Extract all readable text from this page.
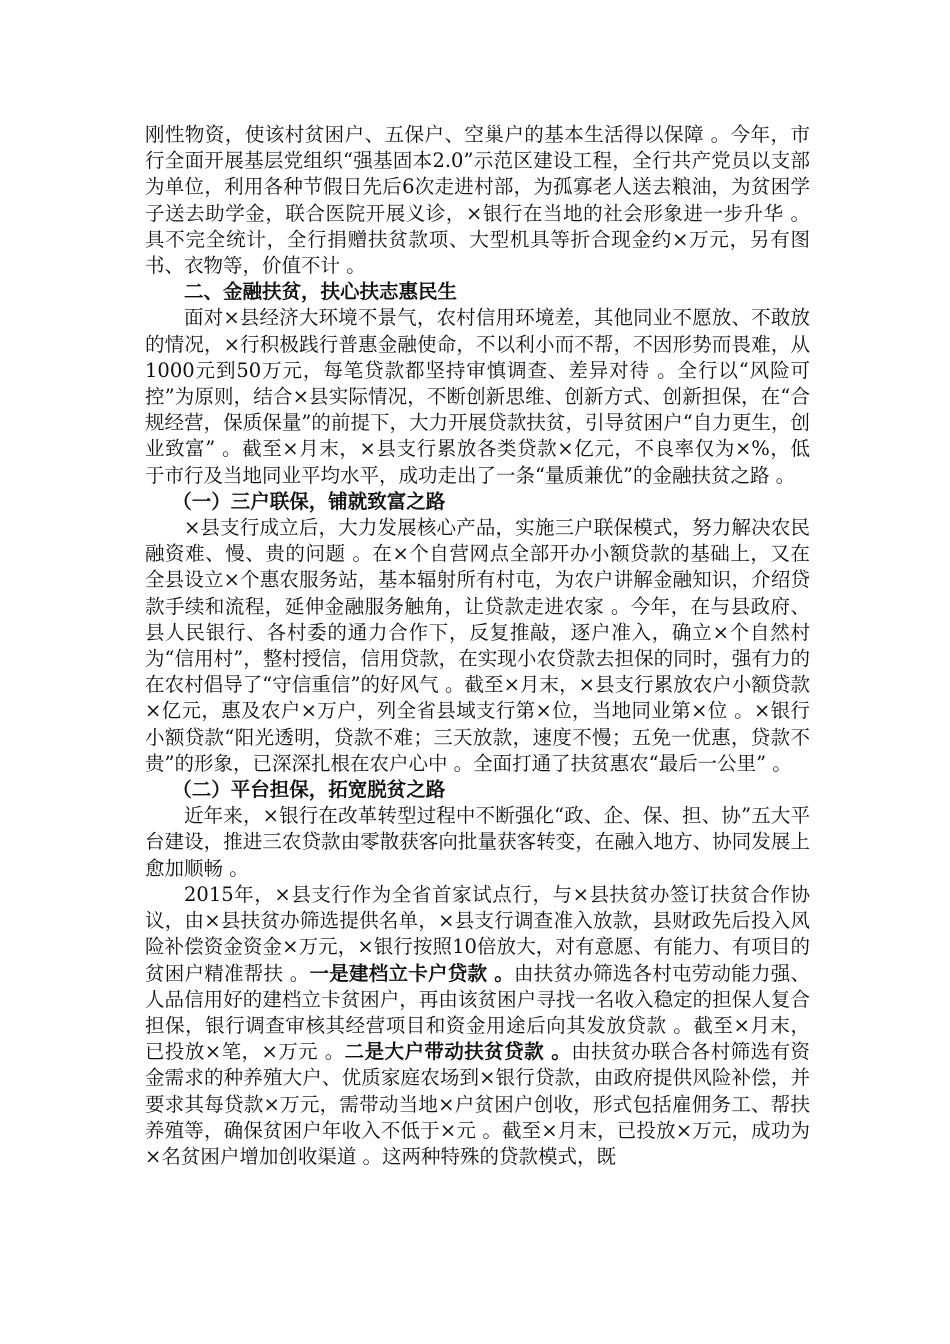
刚性物资，使该村贫困户、五保户、空巢户的基本生活得以保障 。今年，市行全面开展基层党组织“强基固本2.0”示范区建设工程，全行共产党员以支部为单位，利用各种节假日先后6次走进村部，为孤寡老人送去粮油，为贫困学子送去助学金，联合医院开展义诊，×银行在当地的社会形象进一步升华 。具不完全统计，全行捐赠扶贫款项、大型机具等折合现金约×万元，另有图书、衣物等，价值不计 。

二、金融扶贫，扶心扶志惠民生

面对×县经济大环境不景气，农村信用环境差，其他同业不愿放、不敢放的情况，×行积极践行普惠金融使命，不以利小而不帮，不因形势而畏难，从1000元到50万元，每笔贷款都坚持审慎调查、差异对待 。全行以“风险可控”为原则，结合×县实际情况，不断创新思维、创新方式、创新担保，在“合规经营，保质保量”的前提下，大力开展贷款扶贫，引导贫困户“自力更生，创业致富” 。截至×月末，×县支行累放各类贷款×亿元，不良率仅为×%，低于市行及当地同业平均水平，成功走出了一条“量质兼优”的金融扶贫之路 。

（一）三户联保，铺就致富之路

×县支行成立后，大力发展核心产品，实施三户联保模式，努力解决农民融资难、慢、贵的问题 。在×个自营网点全部开办小额贷款的基础上，又在全县设立×个惠农服务站，基本辐射所有村屯，为农户讲解金融知识，介绍贷款手续和流程，延伸金融服务触角，让贷款走进农家 。今年，在与县政府、县人民银行、各村委的通力合作下，反复推敲，逐户准入，确立×个自然村为“信用村”，整村授信，信用贷款，在实现小农贷款去担保的同时，强有力的在农村倡导了“守信重信”的好风气 。截至×月末，×县支行累放农户小额贷款×亿元，惠及农户×万户，列全省县域支行第×位，当地同业第×位 。×银行小额贷款“阳光透明，贷款不难；三天放款，速度不慢；五免一优惠，贷款不贵”的形象，已深深扎根在农户心中 。全面打通了扶贫惠农“最后一公里” 。

（二）平台担保，拓宽脱贫之路

近年来，×银行在改革转型过程中不断强化“政、企、保、担、协”五大平台建设，推进三农贷款由零散获客向批量获客转变，在融入地方、协同发展上愈加顺畅 。

2015年，×县支行作为全省首家试点行，与×县扶贫办签订扶贫合作协议，由×县扶贫办筛选提供名单，×县支行调查准入放款，县财政先后投入风险补偿资金资金×万元，×银行按照10倍放大，对有意愿、有能力、有项目的贫困户精准帮扶 。一是建档立卡户贷款 。由扶贫办筛选各村屯劳动能力强、人品信用好的建档立卡贫困户，再由该贫困户寻找一名收入稳定的担保人复合担保，银行调查审核其经营项目和资金用途后向其发放贷款 。截至×月末，已投放×笔，×万元 。二是大户带动扶贫贷款 。由扶贫办联合各村筛选有资金需求的种养殖大户、优质家庭农场到×银行贷款，由政府提供风险补偿，并要求其每贷款×万元，需带动当地×户贫困户创收，形式包括雇佣务工、帮扶养殖等，确保贫困户年收入不低于×元 。截至×月末，已投放×万元，成功为×名贫困户增加创收渠道 。这两种特殊的贷款模式，既
